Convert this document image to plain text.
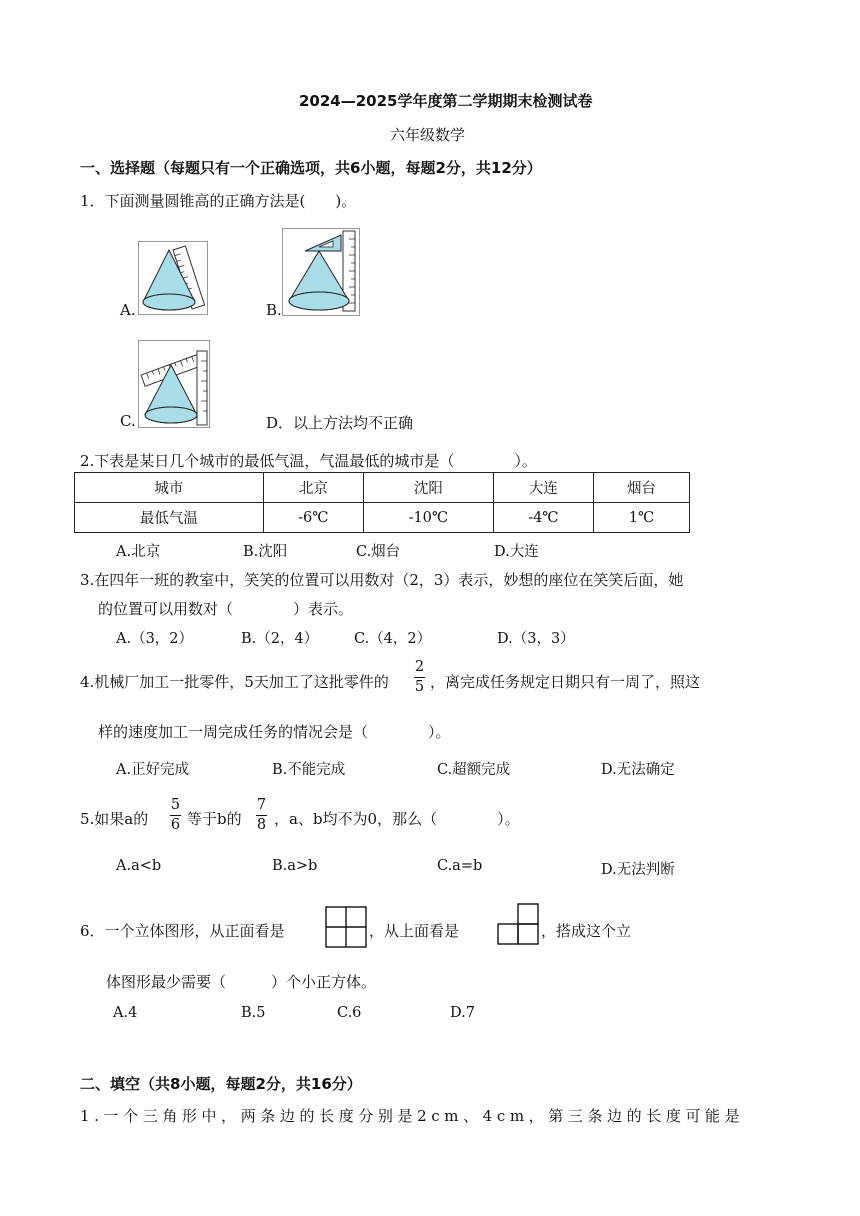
2024—2025学年度第二学期期末检测试卷
六年级数学
一、选择题（每题只有一个正确选项，共6小题，每题2分，共12分）
1．下面测量圆锥高的正确方法是(　　)。
A.	B.
C.	D．以上方法均不正确
2.下表是某日几个城市的最低气温，气温最低的城市是（　　　　）。
城市	北京	沈阳	大连	烟台
最低气温	-6℃	-10℃	-4℃	1℃
A.北京	B.沈阳	C.烟台	D.大连
3.在四年一班的教室中，笑笑的位置可以用数对（2，3）表示，妙想的座位在笑笑后面，她
的位置可以用数对（　　　　）表示。
A.（3，2）	B.（2，4） C.（4，2）	D.（3，3）
4.机械厂加工一批零件，5天加工了这批零件的
2
5 ，离完成任务规定日期只有一周了，照这
样的速度加工一周完成任务的情况会是（　　　　）。
A.正好完成	B.不能完成	C.超额完成	D.无法确定
5.如果a的
5
6 等于b的
7
8 ，a、b均不为0，那么（　　　　）。
A.a<b	B.a>b	C.a=b	D.无法判断
6．一个立体图形，从正面看是	，从上面看是	，搭成这个立
体图形最少需要（　　　）个小正方体。
A.4	B.5	C.6	D.7
二、填空（共8小题，每题2分，共16分）
1.一个三角形中，两条边的长度分别是2cm、4cm，第三条边的长度可能是
